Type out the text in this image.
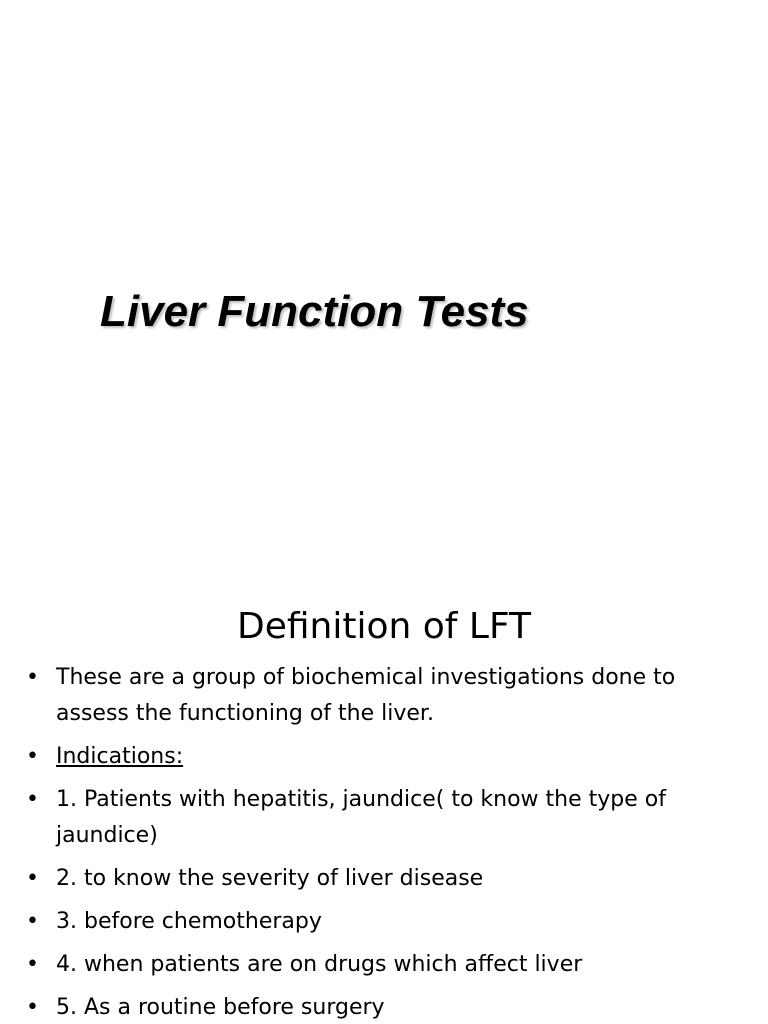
Liver Function Tests
Definition of LFT
• These are a group of biochemical investigations done to assess the functioning of the liver.
• Indications:
• 1. Patients with hepatitis, jaundice( to know the type of jaundice)
• 2. to know the severity of liver disease
• 3. before chemotherapy
• 4. when patients are on drugs which affect liver
• 5. As a routine before surgery
